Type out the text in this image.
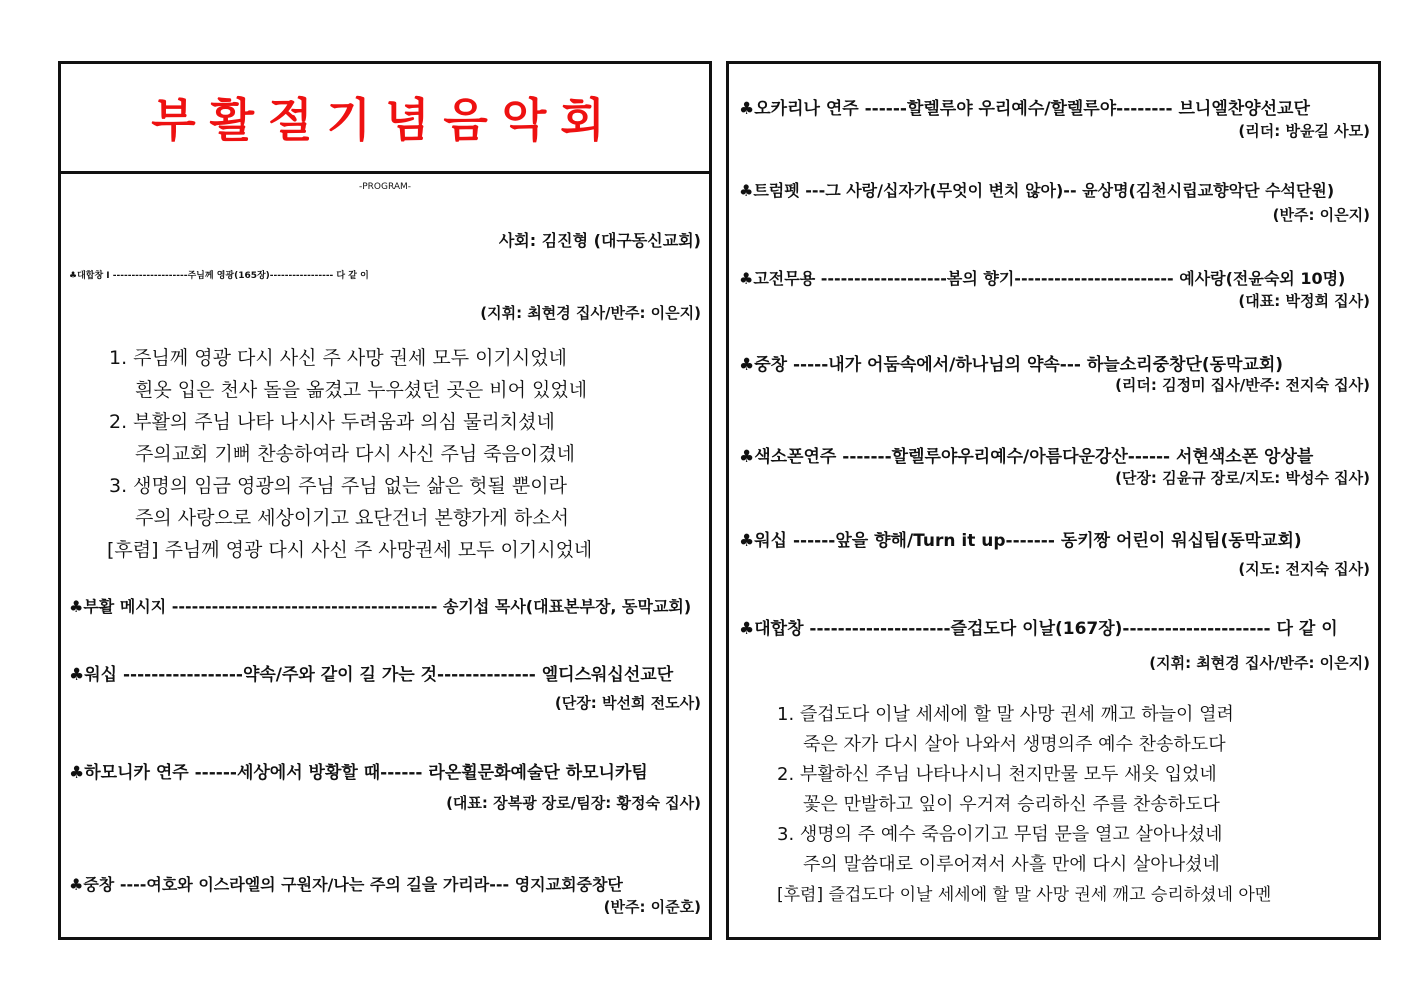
부활절기념음악회
-PROGRAM-
사회: 김진형 (대구동신교회)
♣대합창 Ⅰ --------------------주님께 영광(165장)----------------- 다 같 이
(지휘: 최현경 집사/반주: 이은지)
1. 주님께 영광 다시 사신 주 사망 권세 모두 이기시었네
흰옷 입은 천사 돌을 옮겼고 누우셨던 곳은 비어 있었네
2. 부활의 주님 나타 나시사 두려움과 의심 물리치셨네
주의교회 기뻐 찬송하여라 다시 사신 주님 죽음이겼네
3. 생명의 임금 영광의 주님 주님 없는 삶은 헛될 뿐이라
주의 사랑으로 세상이기고 요단건너 본향가게 하소서
[후렴] 주님께 영광 다시 사신 주 사망권세 모두 이기시었네
♣부활 메시지 ---------------------------------------- 송기섭 목사(대표본부장, 동막교회)
♣워십 -----------------약속/주와 같이 길 가는 것-------------- 엘디스워십선교단
(단장: 박선희 전도사)
♣하모니카 연주 ------세상에서 방황할 때------ 라온휠문화예술단 하모니카팀
(대표: 장복광 장로/팀장: 황정숙 집사)
♣중창 ----여호와 이스라엘의 구원자/나는 주의 길을 가리라--- 영지교회중창단
(반주: 이준호)
♣오카리나 연주 ------할렐루야 우리예수/할렐루야-------- 브니엘찬양선교단
(리더: 방윤길 사모)
♣트럼펫 ---그 사랑/십자가(무엇이 변치 않아)-- 윤상명(김천시립교향악단 수석단원)
(반주: 이은지)
♣고전무용 -------------------봄의 향기------------------------ 예사랑(전윤숙외 10명)
(대표: 박정희 집사)
♣중창 -----내가 어둠속에서/하나님의 약속--- 하늘소리중창단(동막교회)
(리더: 김정미 집사/반주: 전지숙 집사)
♣색소폰연주 -------할렐루야우리예수/아름다운강산------ 서현색소폰 앙상블
(단장: 김윤규 장로/지도: 박성수 집사)
♣워십 ------앞을 향해/Turn it up------- 동키짱 어린이 워십팀(동막교회)
(지도: 전지숙 집사)
♣대합창 --------------------즐겁도다 이날(167장)--------------------- 다 같 이
(지휘: 최현경 집사/반주: 이은지)
1. 즐겁도다 이날 세세에 할 말 사망 권세 깨고 하늘이 열려
죽은 자가 다시 살아 나와서 생명의주 예수 찬송하도다
2. 부활하신 주님 나타나시니 천지만물 모두 새옷 입었네
꽃은 만발하고 잎이 우거져 승리하신 주를 찬송하도다
3. 생명의 주 예수 죽음이기고 무덤 문을 열고 살아나셨네
주의 말씀대로 이루어져서 사흘 만에 다시 살아나셨네
[후렴] 즐겁도다 이날 세세에 할 말 사망 권세 깨고 승리하셨네 아멘
